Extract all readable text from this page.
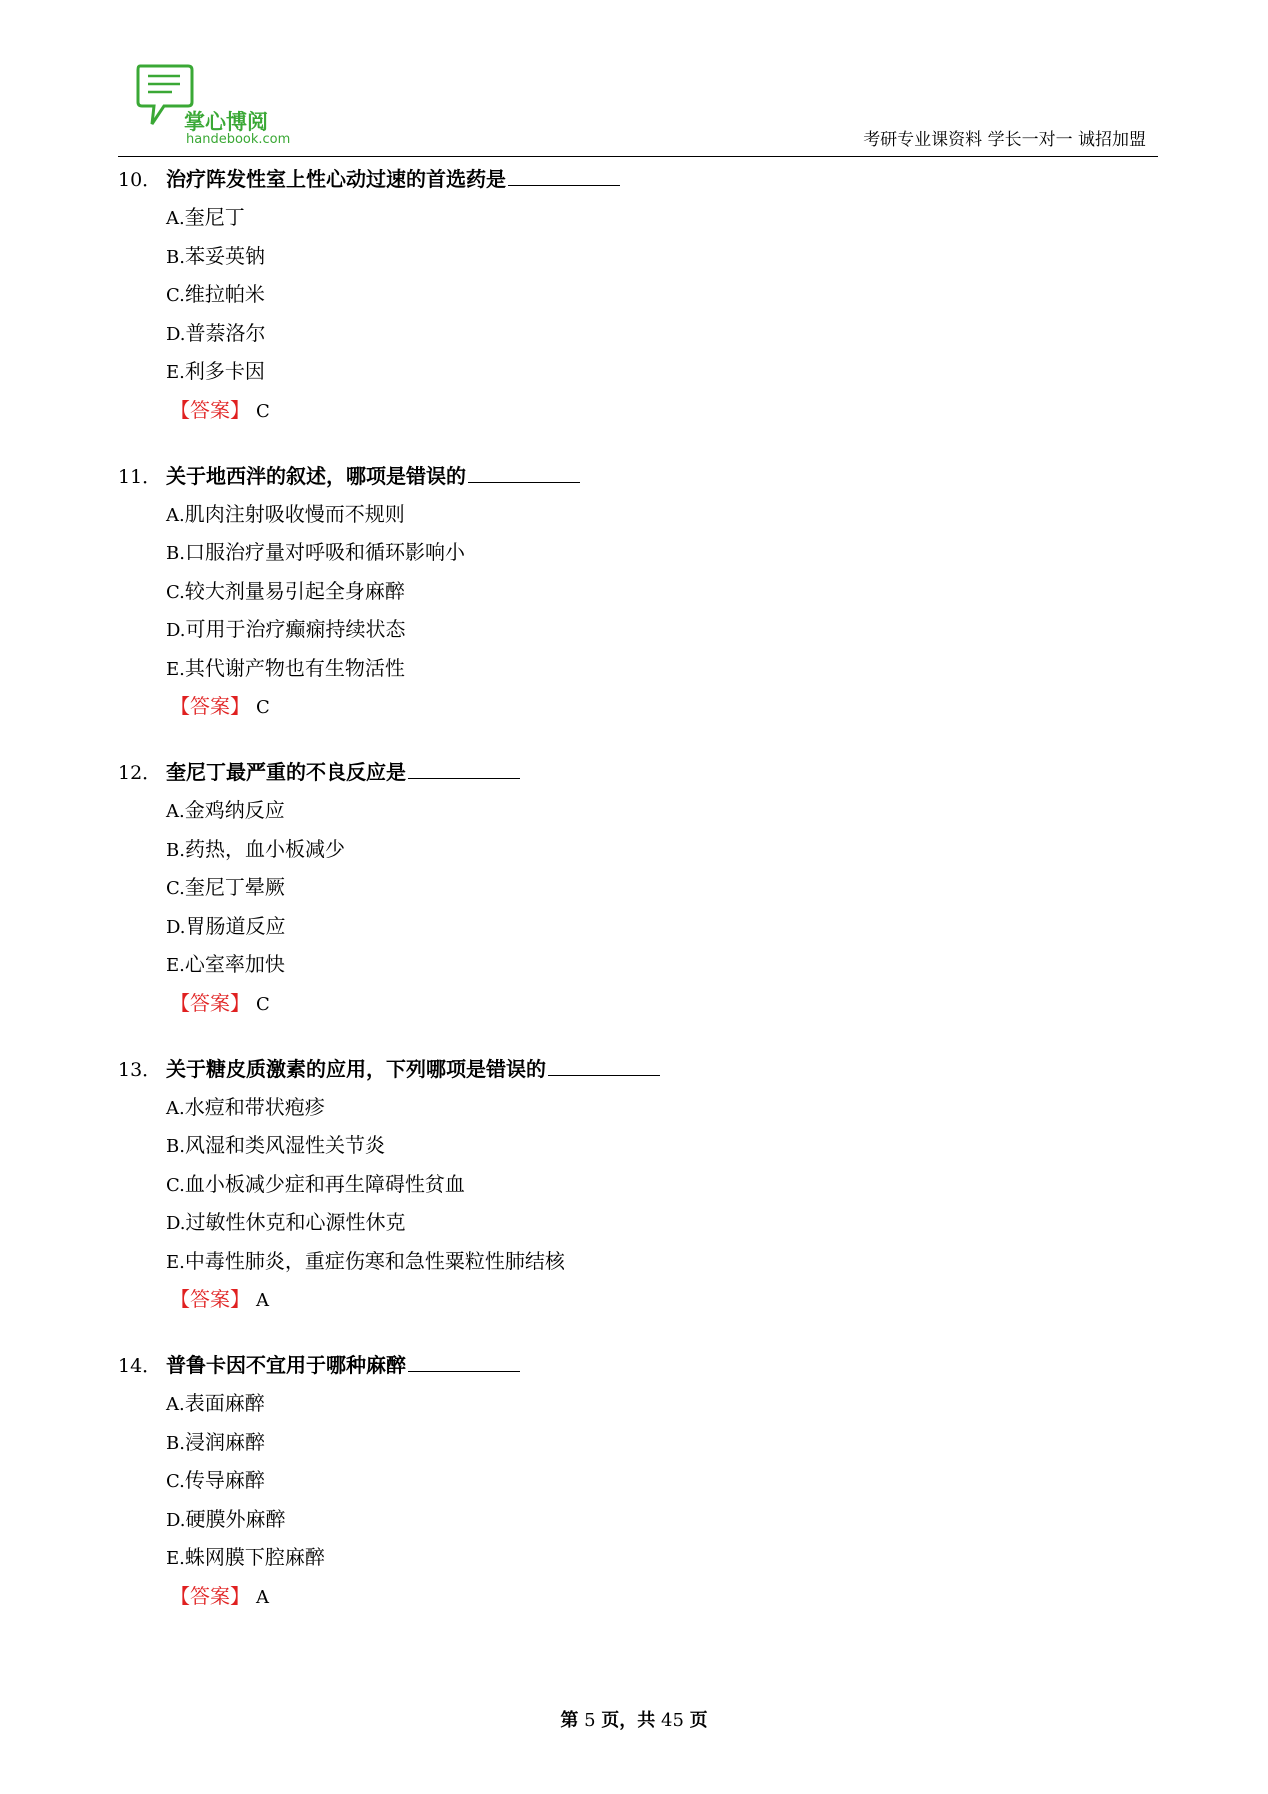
掌心博阅
handebook.com	考研专业课资料 学长一对一 诚招加盟
10． 治疗阵发性室上性心动过速的首选药是
A.奎尼丁
B.苯妥英钠
C.维拉帕米
D.普萘洛尔
E.利多卡因
【答案】 C
11． 关于地西泮的叙述，哪项是错误的
A.肌肉注射吸收慢而不规则
B.口服治疗量对呼吸和循环影响小
C.较大剂量易引起全身麻醉
D.可用于治疗癫痫持续状态
E.其代谢产物也有生物活性
【答案】 C
12． 奎尼丁最严重的不良反应是
A.金鸡纳反应
B.药热，血小板减少
C.奎尼丁晕厥
D.胃肠道反应
E.心室率加快
【答案】 C
13． 关于糖皮质激素的应用，下列哪项是错误的
A.水痘和带状疱疹
B.风湿和类风湿性关节炎
C.血小板减少症和再生障碍性贫血
D.过敏性休克和心源性休克
E.中毒性肺炎，重症伤寒和急性粟粒性肺结核
【答案】 A
14． 普鲁卡因不宜用于哪种麻醉
A.表面麻醉
B.浸润麻醉
C.传导麻醉
D.硬膜外麻醉
E.蛛网膜下腔麻醉
【答案】 A
第 5 页，共 45 页
